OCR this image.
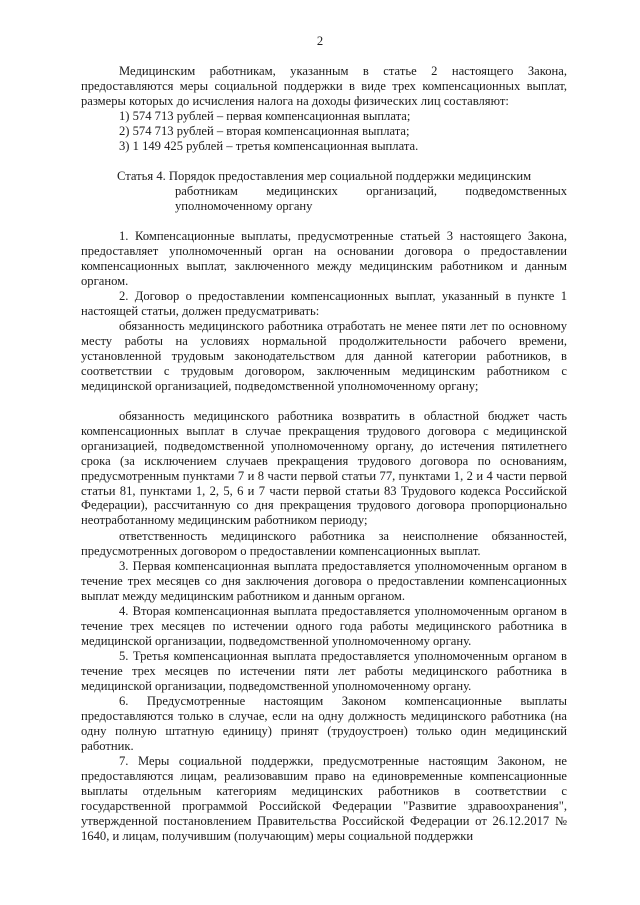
2
Медицинским работникам, указанным в статье 2 настоящего Закона, предоставляются меры социальной поддержки в виде трех компенсационных выплат, размеры которых до исчисления налога на доходы физических лиц составляют:
1) 574 713 рублей – первая компенсационная выплата;
2) 574 713 рублей – вторая компенсационная выплата;
3) 1 149 425 рублей – третья компенсационная выплата.
Статья 4. Порядок предоставления мер социальной поддержки медицинским
работникам медицинских организаций, подведомственных
уполномоченному органу
1. Компенсационные выплаты, предусмотренные статьей 3 настоящего Закона, предоставляет уполномоченный орган на основании договора о предоставлении компенсационных выплат, заключенного между медицинским работником и данным органом.
2. Договор о предоставлении компенсационных выплат, указанный в пункте 1 настоящей статьи, должен предусматривать:
обязанность медицинского работника отработать не менее пяти лет по основному месту работы на условиях нормальной продолжительности рабочего времени, установленной трудовым законодательством для данной категории работников, в соответствии с трудовым договором, заключенным медицинским работником с медицинской организацией, подведомственной уполномоченному органу;
обязанность медицинского работника возвратить в областной бюджет часть компенсационных выплат в случае прекращения трудового договора с медицинской организацией, подведомственной уполномоченному органу, до истечения пятилетнего срока (за исключением случаев прекращения трудового договора по основаниям, предусмотренным пунктами 7 и 8 части первой статьи 77, пунктами 1, 2 и 4 части первой статьи 81, пунктами 1, 2, 5, 6 и 7 части первой статьи 83 Трудового кодекса Российской Федерации), рассчитанную со дня прекращения трудового договора пропорционально неотработанному медицинским работником периоду;
ответственность медицинского работника за неисполнение обязанностей, предусмотренных договором о предоставлении компенсационных выплат.
3. Первая компенсационная выплата предоставляется уполномоченным органом в течение трех месяцев со дня заключения договора о предоставлении компенсационных выплат между медицинским работником и данным органом.
4. Вторая компенсационная выплата предоставляется уполномоченным органом в течение трех месяцев по истечении одного года работы медицинского работника в медицинской организации, подведомственной уполномоченному органу.
5. Третья компенсационная выплата предоставляется уполномоченным органом в течение трех месяцев по истечении пяти лет работы медицинского работника в медицинской организации, подведомственной уполномоченному органу.
6. Предусмотренные настоящим Законом компенсационные выплаты предоставляются только в случае, если на одну должность медицинского работника (на одну полную штатную единицу) принят (трудоустроен) только один медицинский работник.
7. Меры социальной поддержки, предусмотренные настоящим Законом, не предоставляются лицам, реализовавшим право на единовременные компенсационные выплаты отдельным категориям медицинских работников в соответствии с государственной программой Российской Федерации "Развитие здравоохранения", утвержденной постановлением Правительства Российской Федерации от 26.12.2017 № 1640, и лицам, получившим (получающим) меры социальной поддержки
